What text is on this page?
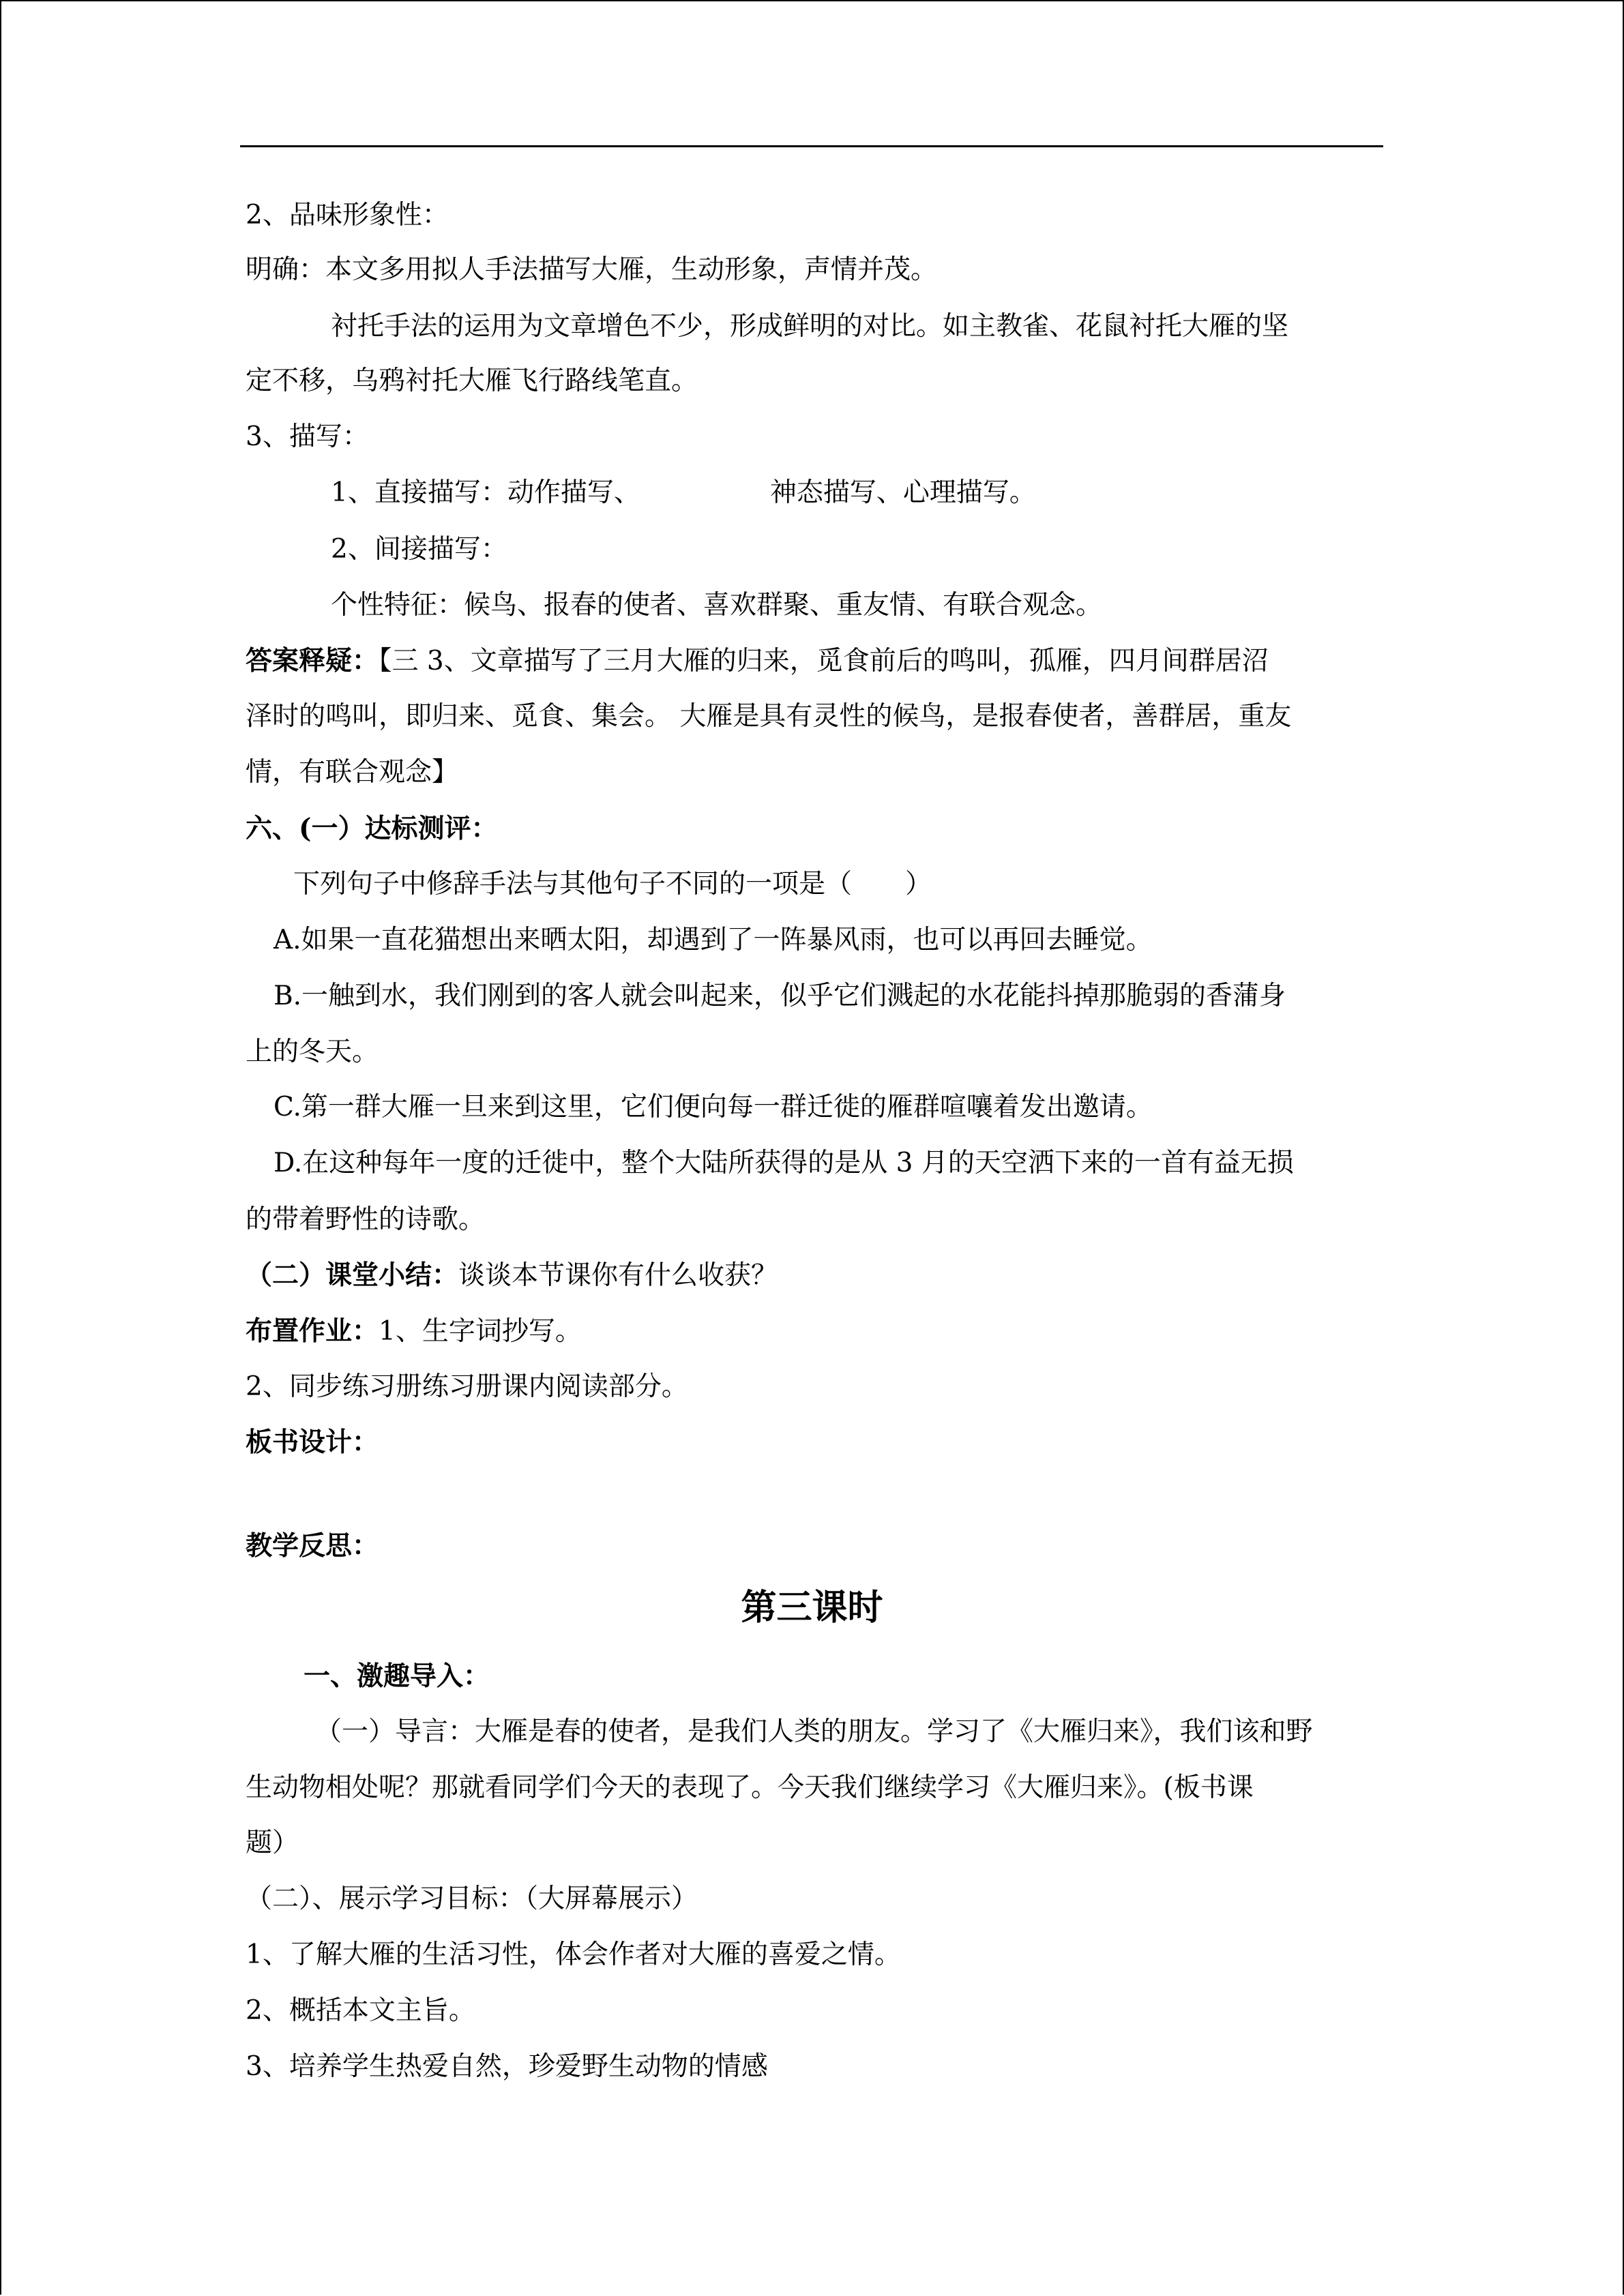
2、品味形象性：
明确：本文多用拟人手法描写大雁，生动形象，声情并茂。
衬托手法的运用为文章增色不少，形成鲜明的对比。如主教雀、花鼠衬托大雁的坚
定不移，乌鸦衬托大雁飞行路线笔直。
3、描写：
1、直接描写：动作描写、	神态描写、心理描写。
2、间接描写：
个性特征：候鸟、报春的使者、喜欢群聚、重友情、有联合观念。
答案释疑：【三 3、文章描写了三月大雁的归来，觅食前后的鸣叫，孤雁，四月间群居沼
泽时的鸣叫，即归来、觅食、集会。 大雁是具有灵性的候鸟，是报春使者，善群居，重友
情，有联合观念】
六、(一）达标测评：
下列句子中修辞手法与其他句子不同的一项是（　　）
A.如果一直花猫想出来晒太阳，却遇到了一阵暴风雨，也可以再回去睡觉。
B.一触到水，我们刚到的客人就会叫起来，似乎它们溅起的水花能抖掉那脆弱的香蒲身
上的冬天。
C.第一群大雁一旦来到这里，它们便向每一群迁徙的雁群喧嚷着发出邀请。
D.在这种每年一度的迁徙中，整个大陆所获得的是从 3 月的天空洒下来的一首有益无损
的带着野性的诗歌。
（二）课堂小结：谈谈本节课你有什么收获？
布置作业：1、生字词抄写。
2、同步练习册练习册课内阅读部分。
板书设计：
教学反思：
第三课时
一、激趣导入：
（一）导言：大雁是春的使者，是我们人类的朋友。学习了《大雁归来》，我们该和野
生动物相处呢？那就看同学们今天的表现了。今天我们继续学习《大雁归来》。(板书课
题）
（二）、展示学习目标：（大屏幕展示）
1、了解大雁的生活习性，体会作者对大雁的喜爱之情。
2、概括本文主旨。
3、培养学生热爱自然，珍爱野生动物的情感
